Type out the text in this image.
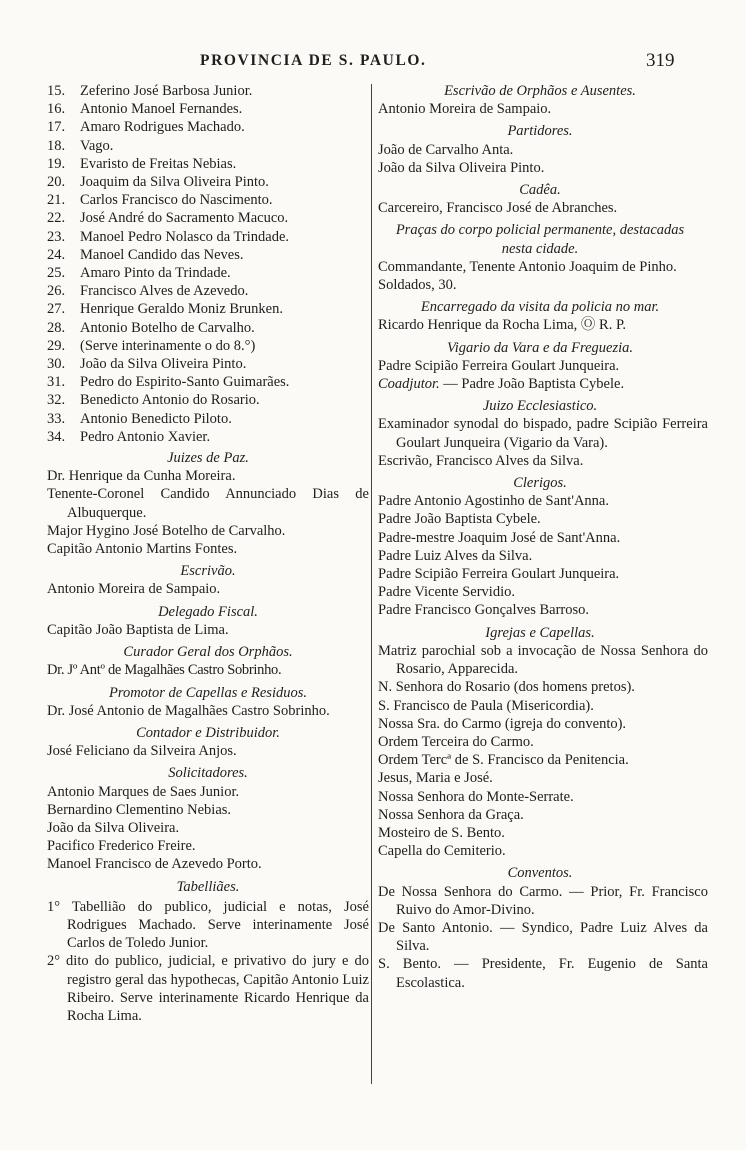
PROVINCIA DE S. PAULO.	319
15. Zeferino José Barbosa Junior.
16. Antonio Manoel Fernandes.
17. Amaro Rodrigues Machado.
18. Vago.
19. Evaristo de Freitas Nebias.
20. Joaquim da Silva Oliveira Pinto.
21. Carlos Francisco do Nascimento.
22. José André do Sacramento Macuco.
23. Manoel Pedro Nolasco da Trindade.
24. Manoel Candido das Neves.
25. Amaro Pinto da Trindade.
26. Francisco Alves de Azevedo.
27. Henrique Geraldo Moniz Brunken.
28. Antonio Botelho de Carvalho.
29. (Serve interinamente o do 8.°)
30. João da Silva Oliveira Pinto.
31. Pedro do Espirito-Santo Guimarães.
32. Benedicto Antonio do Rosario.
33. Antonio Benedicto Piloto.
34. Pedro Antonio Xavier.
Juizes de Paz.
Dr. Henrique da Cunha Moreira.
Tenente-Coronel Candido Annunciado Dias de Albuquerque.
Major Hygino José Botelho de Carvalho.
Capitão Antonio Martins Fontes.
Escrivão.
Antonio Moreira de Sampaio.
Delegado Fiscal.
Capitão João Baptista de Lima.
Curador Geral dos Orphãos.
Dr. Jº Antº de Magalhães Castro Sobrinho.
Promotor de Capellas e Residuos.
Dr. José Antonio de Magalhães Castro Sobrinho.
Contador e Distribuidor.
José Feliciano da Silveira Anjos.
Solicitadores.
Antonio Marques de Saes Junior.
Bernardino Clementino Nebias.
João da Silva Oliveira.
Pacifico Frederico Freire.
Manoel Francisco de Azevedo Porto.
Tabelliães.
1° Tabellião do publico, judicial e notas, José Rodrigues Machado. Serve interinamente José Carlos de Toledo Junior.
2° dito do publico, judicial, e privativo do jury e do registro geral das hypothecas, Capitão Antonio Luiz Ribeiro. Serve interinamente Ricardo Henrique da Rocha Lima.
Escrivão de Orphãos e Ausentes.
Antonio Moreira de Sampaio.
Partidores.
João de Carvalho Anta.
João da Silva Oliveira Pinto.
Cadêa.
Carcereiro, Francisco José de Abranches.
Praças do corpo policial permanente, destacadas nesta cidade.
Commandante, Tenente Antonio Joaquim de Pinho.
Soldados, 30.
Encarregado da visita da policia no mar.
Ricardo Henrique da Rocha Lima, Ⓞ R. P.
Vigario da Vara e da Freguezia.
Padre Scipião Ferreira Goulart Junqueira.
Coadjutor. — Padre João Baptista Cybele.
Juizo Ecclesiastico.
Examinador synodal do bispado, padre Scipião Ferreira Goulart Junqueira (Vigario da Vara).
Escrivão, Francisco Alves da Silva.
Clerigos.
Padre Antonio Agostinho de Sant'Anna.
Padre João Baptista Cybele.
Padre-mestre Joaquim José de Sant'Anna.
Padre Luiz Alves da Silva.
Padre Scipião Ferreira Goulart Junqueira.
Padre Vicente Servidio.
Padre Francisco Gonçalves Barroso.
Igrejas e Capellas.
Matriz parochial sob a invocação de Nossa Senhora do Rosario, Apparecida.
N. Senhora do Rosario (dos homens pretos).
S. Francisco de Paula (Misericordia).
Nossa Sra. do Carmo (igreja do convento).
Ordem Terceira do Carmo.
Ordem Tercª de S. Francisco da Penitencia.
Jesus, Maria e José.
Nossa Senhora do Monte-Serrate.
Nossa Senhora da Graça.
Mosteiro de S. Bento.
Capella do Cemiterio.
Conventos.
De Nossa Senhora do Carmo. — Prior, Fr. Francisco Ruivo do Amor-Divino.
De Santo Antonio. — Syndico, Padre Luiz Alves da Silva.
S. Bento. — Presidente, Fr. Eugenio de Santa Escolastica.
